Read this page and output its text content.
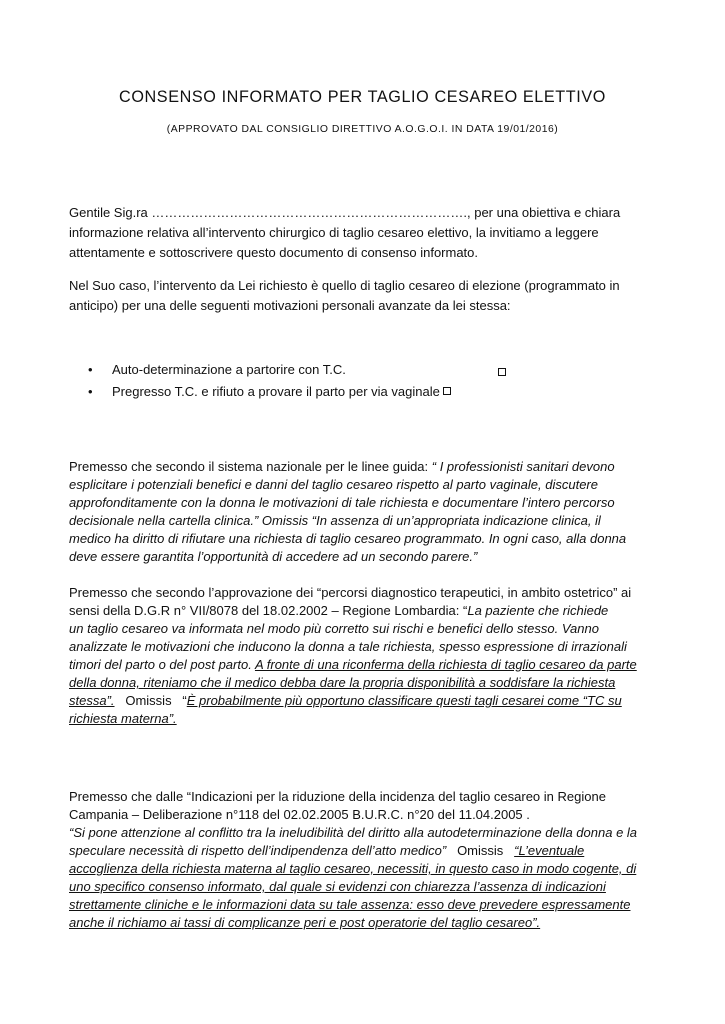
CONSENSO INFORMATO PER TAGLIO CESAREO ELETTIVO
(APPROVATO DAL CONSIGLIO DIRETTIVO A.O.G.O.I. IN DATA 19/01/2016)
Gentile Sig.ra ………………………………………………………………., per una obiettiva e chiara
informazione relativa all’intervento chirurgico di taglio cesareo elettivo, la invitiamo a leggere
attentamente e sottoscrivere questo documento di consenso informato.
Nel Suo caso, l’intervento da Lei richiesto è quello di taglio cesareo di elezione (programmato in
anticipo) per una delle seguenti motivazioni personali avanzate da lei stessa:
• Auto-determinazione a partorire con T.C.
• Pregresso T.C. e rifiuto a provare il parto per via vaginale
Premesso che secondo il sistema nazionale per le linee guida: “ I professionisti sanitari devono
esplicitare i potenziali benefici e danni del taglio cesareo rispetto al parto vaginale, discutere
approfonditamente con la donna le motivazioni di tale richiesta e documentare l’intero percorso
decisionale nella cartella clinica.” Omissis “In assenza di un’appropriata indicazione clinica, il
medico ha diritto di rifiutare una richiesta di taglio cesareo programmato. In ogni caso, alla donna
deve essere garantita l’opportunità di accedere ad un secondo parere.”
Premesso che secondo l’approvazione dei “percorsi diagnostico terapeutici, in ambito ostetrico” ai
sensi della D.G.R n° VII/8078 del 18.02.2002 – Regione Lombardia: “La paziente che richiede
un taglio cesareo va informata nel modo più corretto sui rischi e benefici dello stesso. Vanno
analizzate le motivazioni che inducono la donna a tale richiesta, spesso espressione di irrazionali
timori del parto o del post parto. A fronte di una riconferma della richiesta di taglio cesareo da parte
della donna, riteniamo che il medico debba dare la propria disponibilità a soddisfare la richiesta
stessa”.   Omissis   “È probabilmente più opportuno classificare questi tagli cesarei come “TC su
richiesta materna”.
Premesso che dalle “Indicazioni per la riduzione della incidenza del taglio cesareo in Regione
Campania – Deliberazione n°118 del 02.02.2005 B.U.R.C. n°20 del 11.04.2005 .
“Si pone attenzione al conflitto tra la ineludibilità del diritto alla autodeterminazione della donna e la
speculare necessità di rispetto dell’indipendenza dell’atto medico”   Omissis   “L’eventuale
accoglienza della richiesta materna al taglio cesareo, necessiti, in questo caso in modo cogente, di
uno specifico consenso informato, dal quale si evidenzi con chiarezza l’assenza di indicazioni
strettamente cliniche e le informazioni data su tale assenza: esso deve prevedere espressamente
anche il richiamo ai tassi di complicanze peri e post operatorie del taglio cesareo”.
